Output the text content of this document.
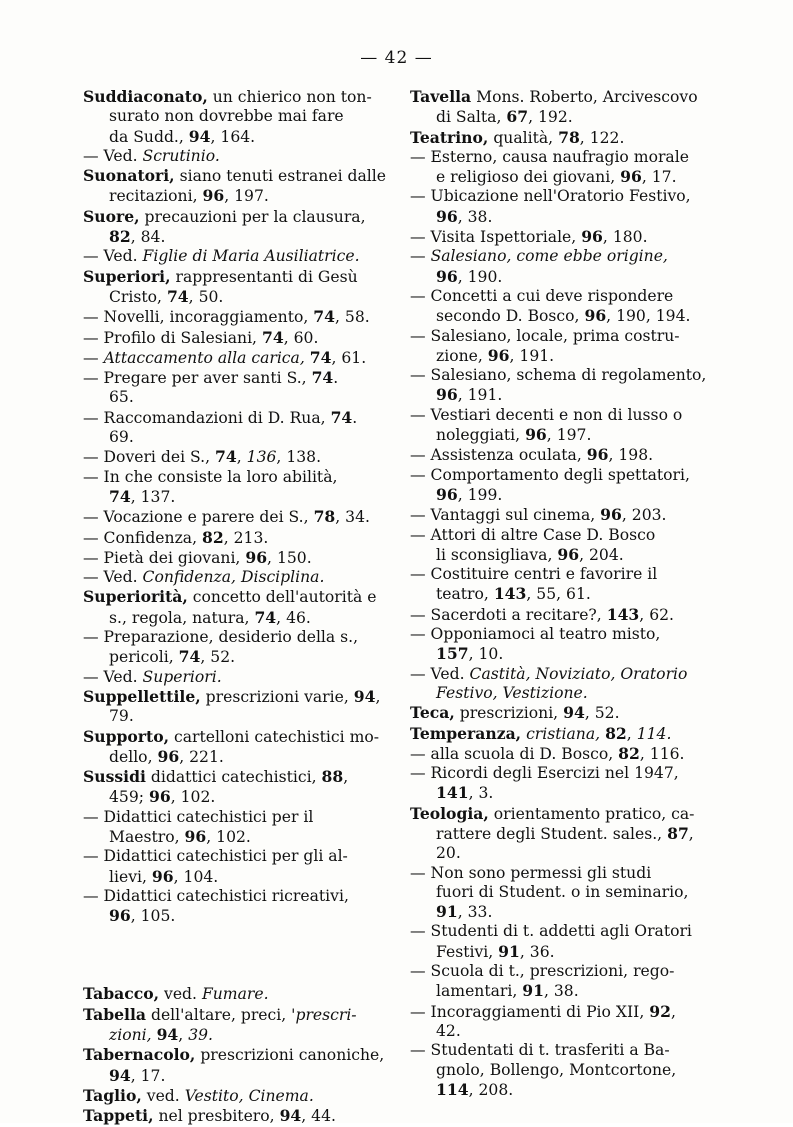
— 42 —
Suddiaconato, un chierico non ton-
surato non dovrebbe mai fare
da Sudd., 94, 164.
— Ved. Scrutinio.
Suonatori, siano tenuti estranei dalle
recitazioni, 96, 197.
Suore, precauzioni per la clausura,
82, 84.
— Ved. Figlie di Maria Ausiliatrice.
Superiori, rappresentanti di Gesù
Cristo, 74, 50.
— Novelli, incoraggiamento, 74, 58.
— Profilo di Salesiani, 74, 60.
— Attaccamento alla carica, 74, 61.
— Pregare per aver santi S., 74.
65.
— Raccomandazioni di D. Rua, 74.
69.
— Doveri dei S., 74, 136, 138.
— In che consiste la loro abilità,
74, 137.
— Vocazione e parere dei S., 78, 34.
— Confidenza, 82, 213.
— Pietà dei giovani, 96, 150.
— Ved. Confidenza, Disciplina.
Superiorità, concetto dell'autorità e
s., regola, natura, 74, 46.
— Preparazione, desiderio della s.,
pericoli, 74, 52.
— Ved. Superiori.
Suppellettile, prescrizioni varie, 94,
79.
Supporto, cartelloni catechistici mo-
dello, 96, 221.
Sussidi didattici catechistici, 88,
459; 96, 102.
— Didattici catechistici per il
Maestro, 96, 102.
— Didattici catechistici per gli al-
lievi, 96, 104.
— Didattici catechistici ricreativi,
96, 105.
Tabacco, ved. Fumare.
Tabella dell'altare, preci, 'prescri-
zioni, 94, 39.
Tabernacolo, prescrizioni canoniche,
94, 17.
Taglio, ved. Vestito, Cinema.
Tappeti, nel presbitero, 94, 44.
Tavella Mons. Roberto, Arcivescovo
di Salta, 67, 192.
Teatrino, qualità, 78, 122.
— Esterno, causa naufragio morale
e religioso dei giovani, 96, 17.
— Ubicazione nell'Oratorio Festivo,
96, 38.
— Visita Ispettoriale, 96, 180.
— Salesiano, come ebbe origine,
96, 190.
— Concetti a cui deve rispondere
secondo D. Bosco, 96, 190, 194.
— Salesiano, locale, prima costru-
zione, 96, 191.
— Salesiano, schema di regolamento,
96, 191.
— Vestiari decenti e non di lusso o
noleggiati, 96, 197.
— Assistenza oculata, 96, 198.
— Comportamento degli spettatori,
96, 199.
— Vantaggi sul cinema, 96, 203.
— Attori di altre Case D. Bosco
li sconsigliava, 96, 204.
— Costituire centri e favorire il
teatro, 143, 55, 61.
— Sacerdoti a recitare?, 143, 62.
— Opponiamoci al teatro misto,
157, 10.
— Ved. Castità, Noviziato, Oratorio
Festivo, Vestizione.
Teca, prescrizioni, 94, 52.
Temperanza, cristiana, 82, 114.
— alla scuola di D. Bosco, 82, 116.
— Ricordi degli Esercizi nel 1947,
141, 3.
Teologia, orientamento pratico, ca-
rattere degli Student. sales., 87,
20.
— Non sono permessi gli studi
fuori di Student. o in seminario,
91, 33.
— Studenti di t. addetti agli Oratori
Festivi, 91, 36.
— Scuola di t., prescrizioni, rego-
lamentari, 91, 38.
— Incoraggiamenti di Pio XII, 92,
42.
— Studentati di t. trasferiti a Ba-
gnolo, Bollengo, Montcortone,
114, 208.
